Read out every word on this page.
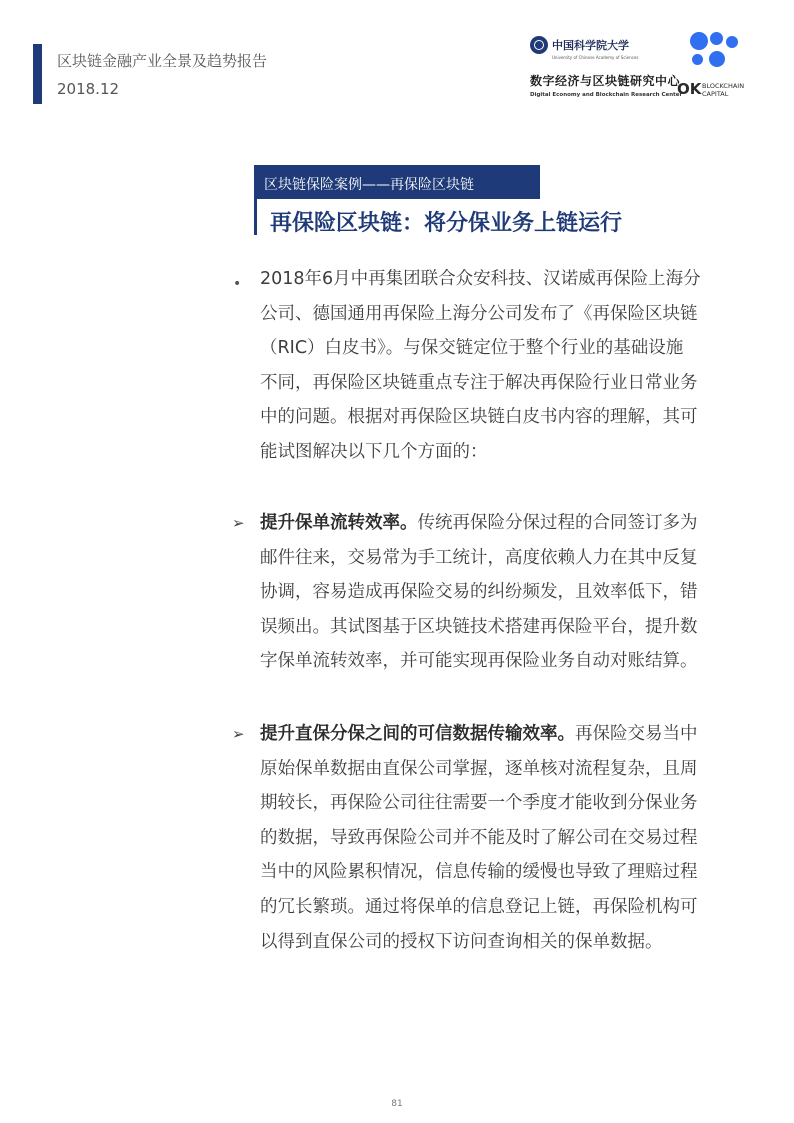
区块链金融产业全景及趋势报告
2018.12
中国科学院大学
University of Chinese Academy of Sciences
数字经济与区块链研究中心
Digital Economy and Blockchain Research Center
OK BLOCKCHAIN
CAPITAL
区块链保险案例——再保险区块链
再保险区块链：将分保业务上链运行
• 2018年6月中再集团联合众安科技、汉诺威再保险上海分
公司、德国通用再保险上海分公司发布了《再保险区块链
（RIC）白皮书》。与保交链定位于整个行业的基础设施
不同，再保险区块链重点专注于解决再保险行业日常业务
中的问题。根据对再保险区块链白皮书内容的理解，其可
能试图解决以下几个方面的：
➢ 提升保单流转效率。传统再保险分保过程的合同签订多为
邮件往来，交易常为手工统计，高度依赖人力在其中反复
协调，容易造成再保险交易的纠纷频发，且效率低下，错
误频出。其试图基于区块链技术搭建再保险平台，提升数
字保单流转效率，并可能实现再保险业务自动对账结算。
➢ 提升直保分保之间的可信数据传输效率。再保险交易当中
原始保单数据由直保公司掌握，逐单核对流程复杂，且周
期较长，再保险公司往往需要一个季度才能收到分保业务
的数据，导致再保险公司并不能及时了解公司在交易过程
当中的风险累积情况，信息传输的缓慢也导致了理赔过程
的冗长繁琐。通过将保单的信息登记上链，再保险机构可
以得到直保公司的授权下访问查询相关的保单数据。
81
